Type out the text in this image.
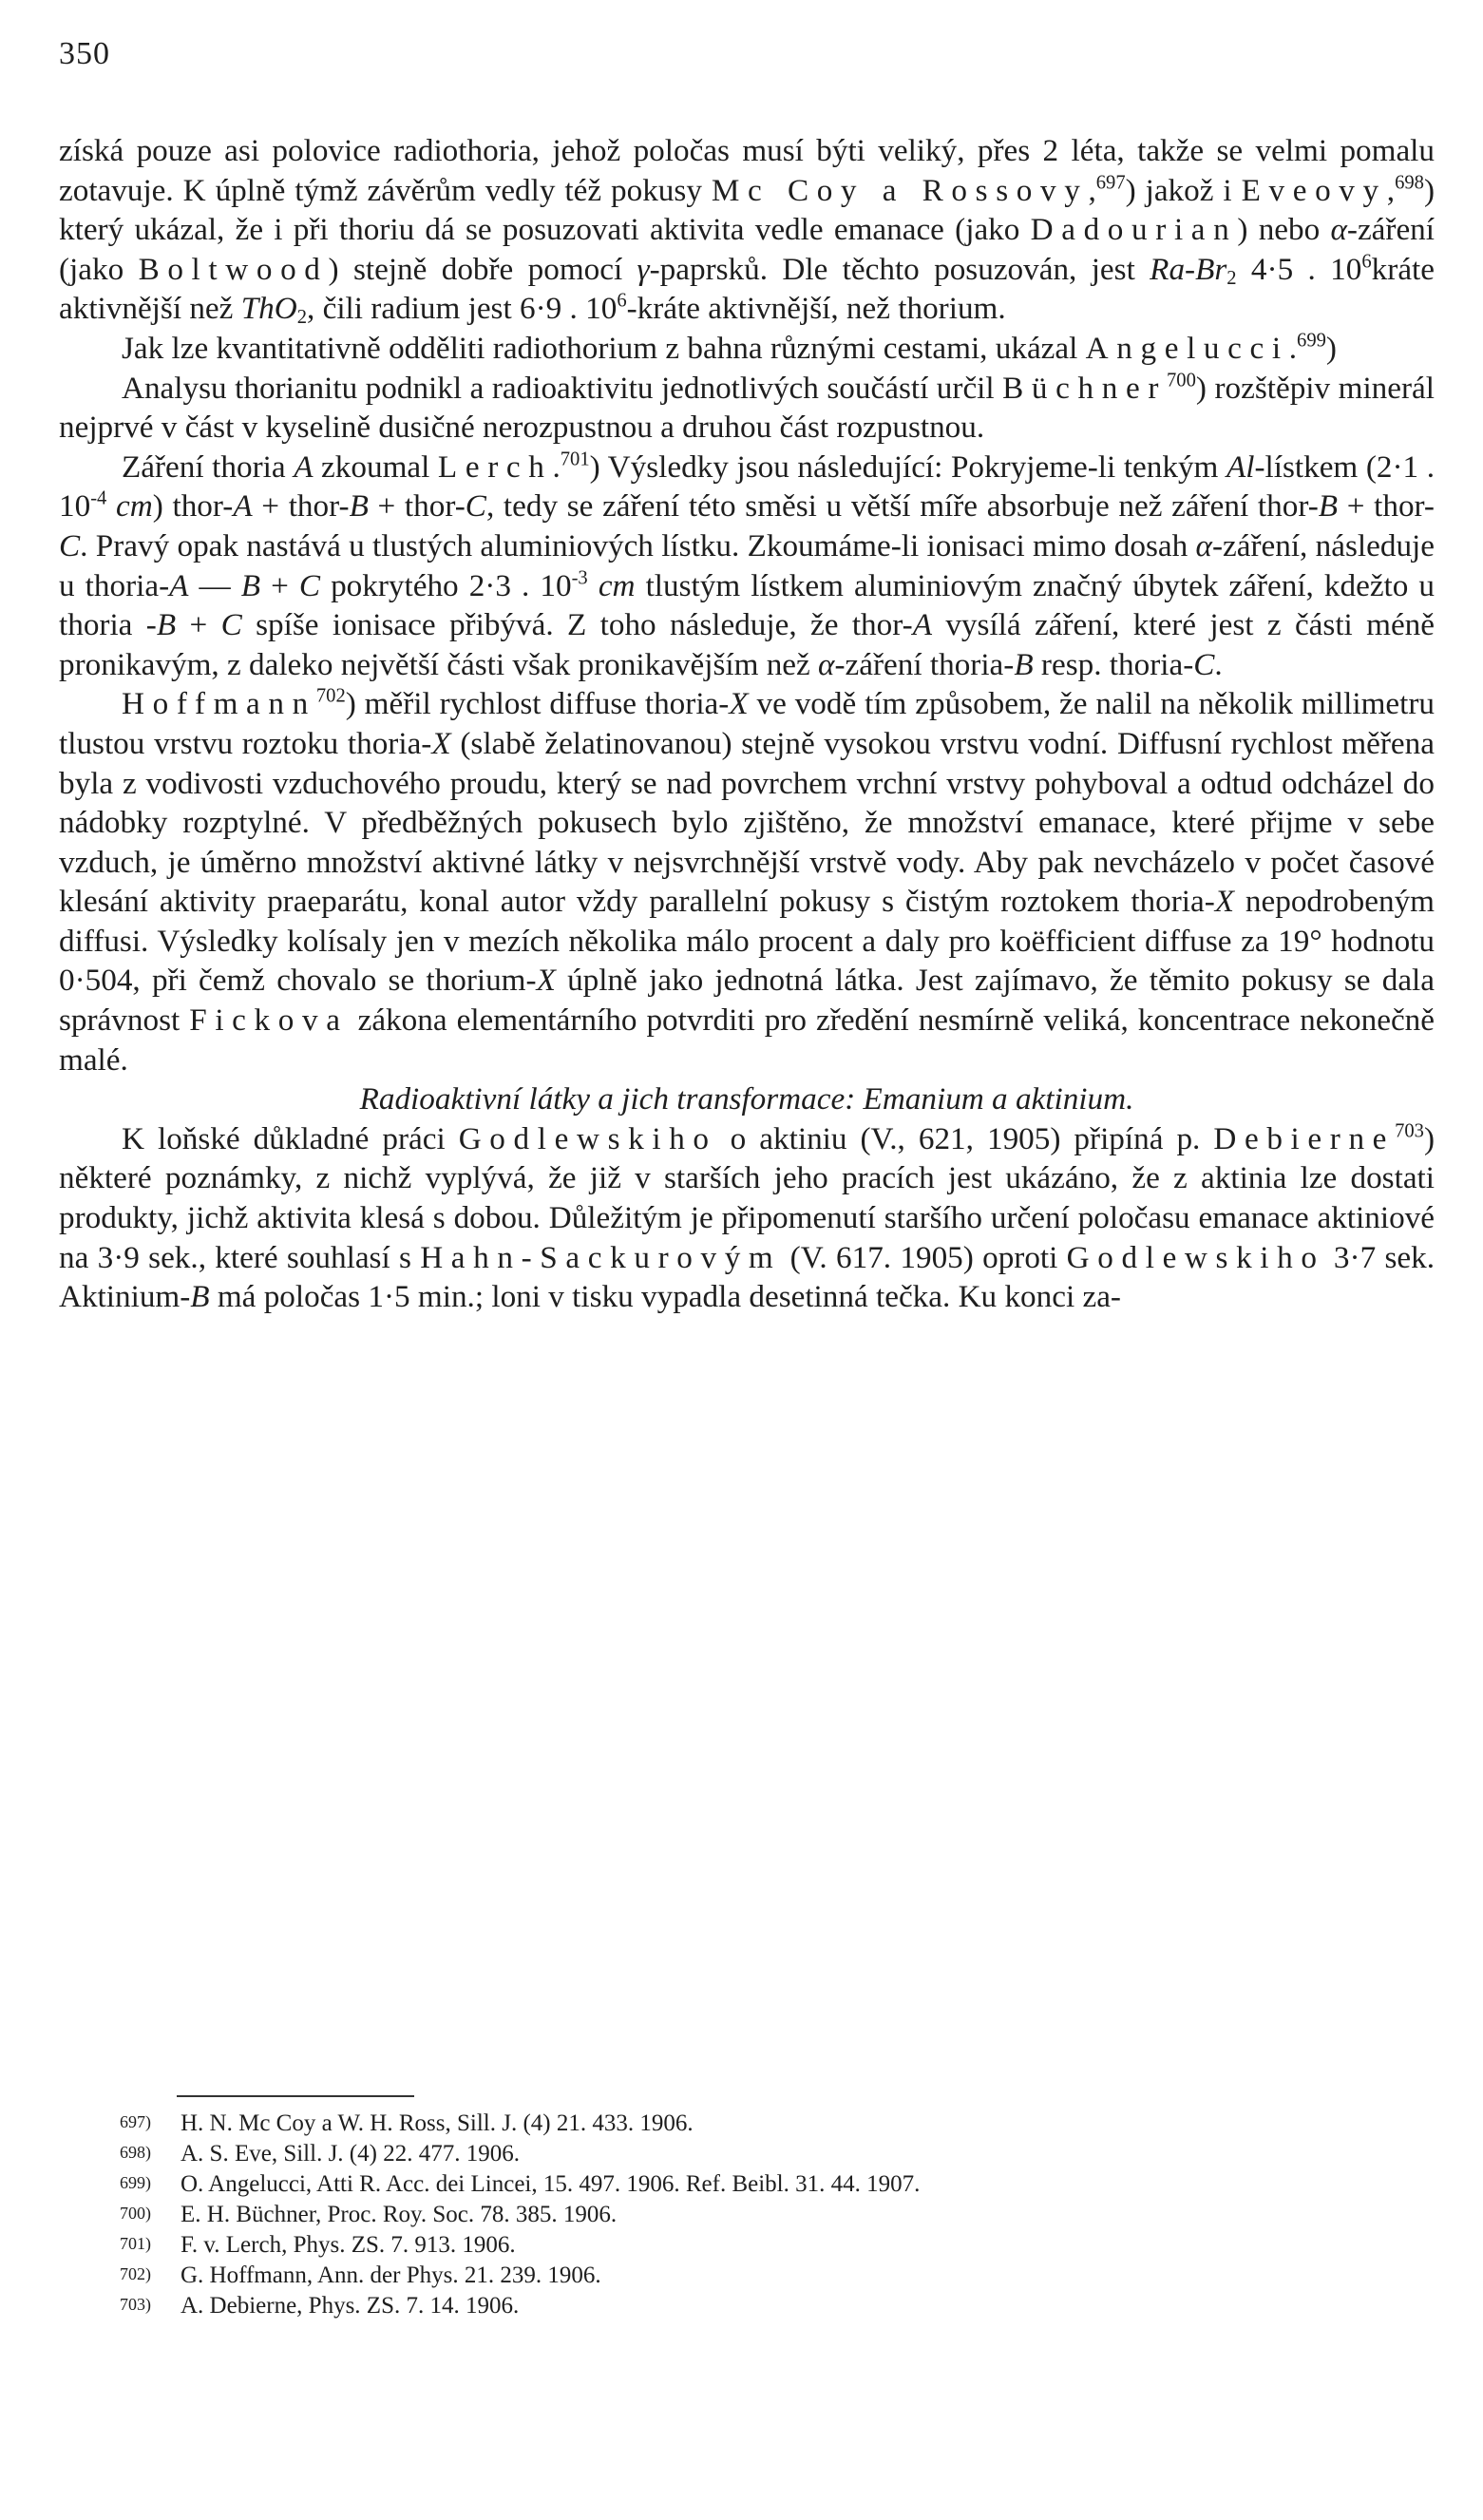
350

získá pouze asi polovice radiothoria, jehož poločas musí býti veliký, přes 2 léta, takže se velmi pomalu zotavuje. K úplně týmž závěrům vedly též pokusy Mc Coy a Rossovy,$^{697}$) jakož i Eveovy,$^{698}$) který ukázal, že i při thoriu dá se posuzovati aktivita vedle emanace (jako Dadourian) nebo α-záření (jako Boltwood) stejně dobře pomocí γ-paprsků. Dle těchto posuzován, jest $Ra-Br_2$ 4·5 . $10^6kráte$ aktivnější než ThO$_2$, čili radium jest 6·9 . $10^6$-kráte aktivnější, než thorium.

Jak lze kvantitativně odděliti radiothorium z bahna různými cestami, ukázal Angelucci.$^{699}$)

Analysu thorianitu podnikl a radioaktivitu jednotlivých součástí určil Büchner$^{700}$) rozštěpiv minerál nejprvé v část v kyselině dusičné nerozpustnou a druhou část rozpustnou.

Záření thoria A zkoumal Lerch.$^{701}$) Výsledky jsou následující: Pokryjeme-li tenkým Al-lístkem (2·1 . $10^{-4}$ cm) thor-A + thor-B + thor-C, tedy se záření této směsi u větší míře absorbuje než záření thor-B + thor-C. Pravý opak nastává u tlustých aluminiových lístku. Zkoumáme-li ionisaci mimo dosah α-záření, následuje u thoria-A — B + C pokrytého 2·3 . $10^{-3}$ cm tlustým lístkem aluminiovým značný úbytek záření, kdežto u thoria -B + C spíše ionisace přibývá. Z toho následuje, že thor-A vysílá záření, které jest z části méně pronikavým, z daleko největší části však pronikavějším než α-záření thoria-B resp. thoria-C.

Hoffmann$^{702}$) měřil rychlost diffuse thoria-X ve vodě tím způsobem, že nalil na několik millimetru tlustou vrstvu roztoku thoria-X (slabě želatinovanou) stejně vysokou vrstvu vodní. Diffusní rychlost měřena byla z vodivosti vzduchového proudu, který se nad povrchem vrchní vrstvy pohyboval a odtud odcházel do nádobky rozptylné. V předběžných pokusech bylo zjištěno, že množství emanace, které přijme v sebe vzduch, je úměrno množství aktivné látky v nejsvrchnější vrstvě vody. Aby pak nevcházelo v počet časové klesání aktivity praeparátu, konal autor vždy parallelní pokusy s čistým roztokem thoria-X nepodrobeným diffusi. Výsledky kolísaly jen v mezích několika málo procent a daly pro koëfficient diffuse za 19° hodnotu 0·504, při čemž chovalo se thorium-X úplně jako jednotná látka. Jest zajímavo, že těmito pokusy se dala správnost Fickova zákona elementárního potvrditi pro zředění nesmírně veliká, koncentrace nekonečně malé.

Radioaktivní látky a jich transformace: Emanium a aktinium.

K loňské důkladné práci Godlewskiho o aktiniu (V., 621, 1905) připíná p. Debierne$^{703}$) některé poznámky, z nichž vyplývá, že již v starších jeho pracích jest ukázáno, že z aktinia lze dostati produkty, jichž aktivita klesá s dobou. Důležitým je připomenutí staršího určení poločasu emanace aktiniové na 3·9 sek., které souhlasí s Hahn-Sackurovým (V. 617. 1905) oproti Godlewskiho 3·7 sek. Aktinium-B má poločas 1·5 min.; loni v tisku vypadla desetinná tečka. Ku konci za-

697) H. N. Mc Coy a W. H. Ross, Sill. J. (4) 21. 433. 1906.

698) A. S. Eve, Sill. J. (4) 22. 477. 1906.

699) O. Angelucci, Atti R. Acc. dei Lincei, 15. 497. 1906. Ref. Beibl. 31. 44. 1907.

700) E. H. Büchner, Proc. Roy. Soc. 78. 385. 1906.

701) F. v. Lerch, Phys. ZS. 7. 913. 1906.

702) G. Hoffmann, Ann. der Phys. 21. 239. 1906.

703) A. Debierne, Phys. ZS. 7. 14. 1906.
